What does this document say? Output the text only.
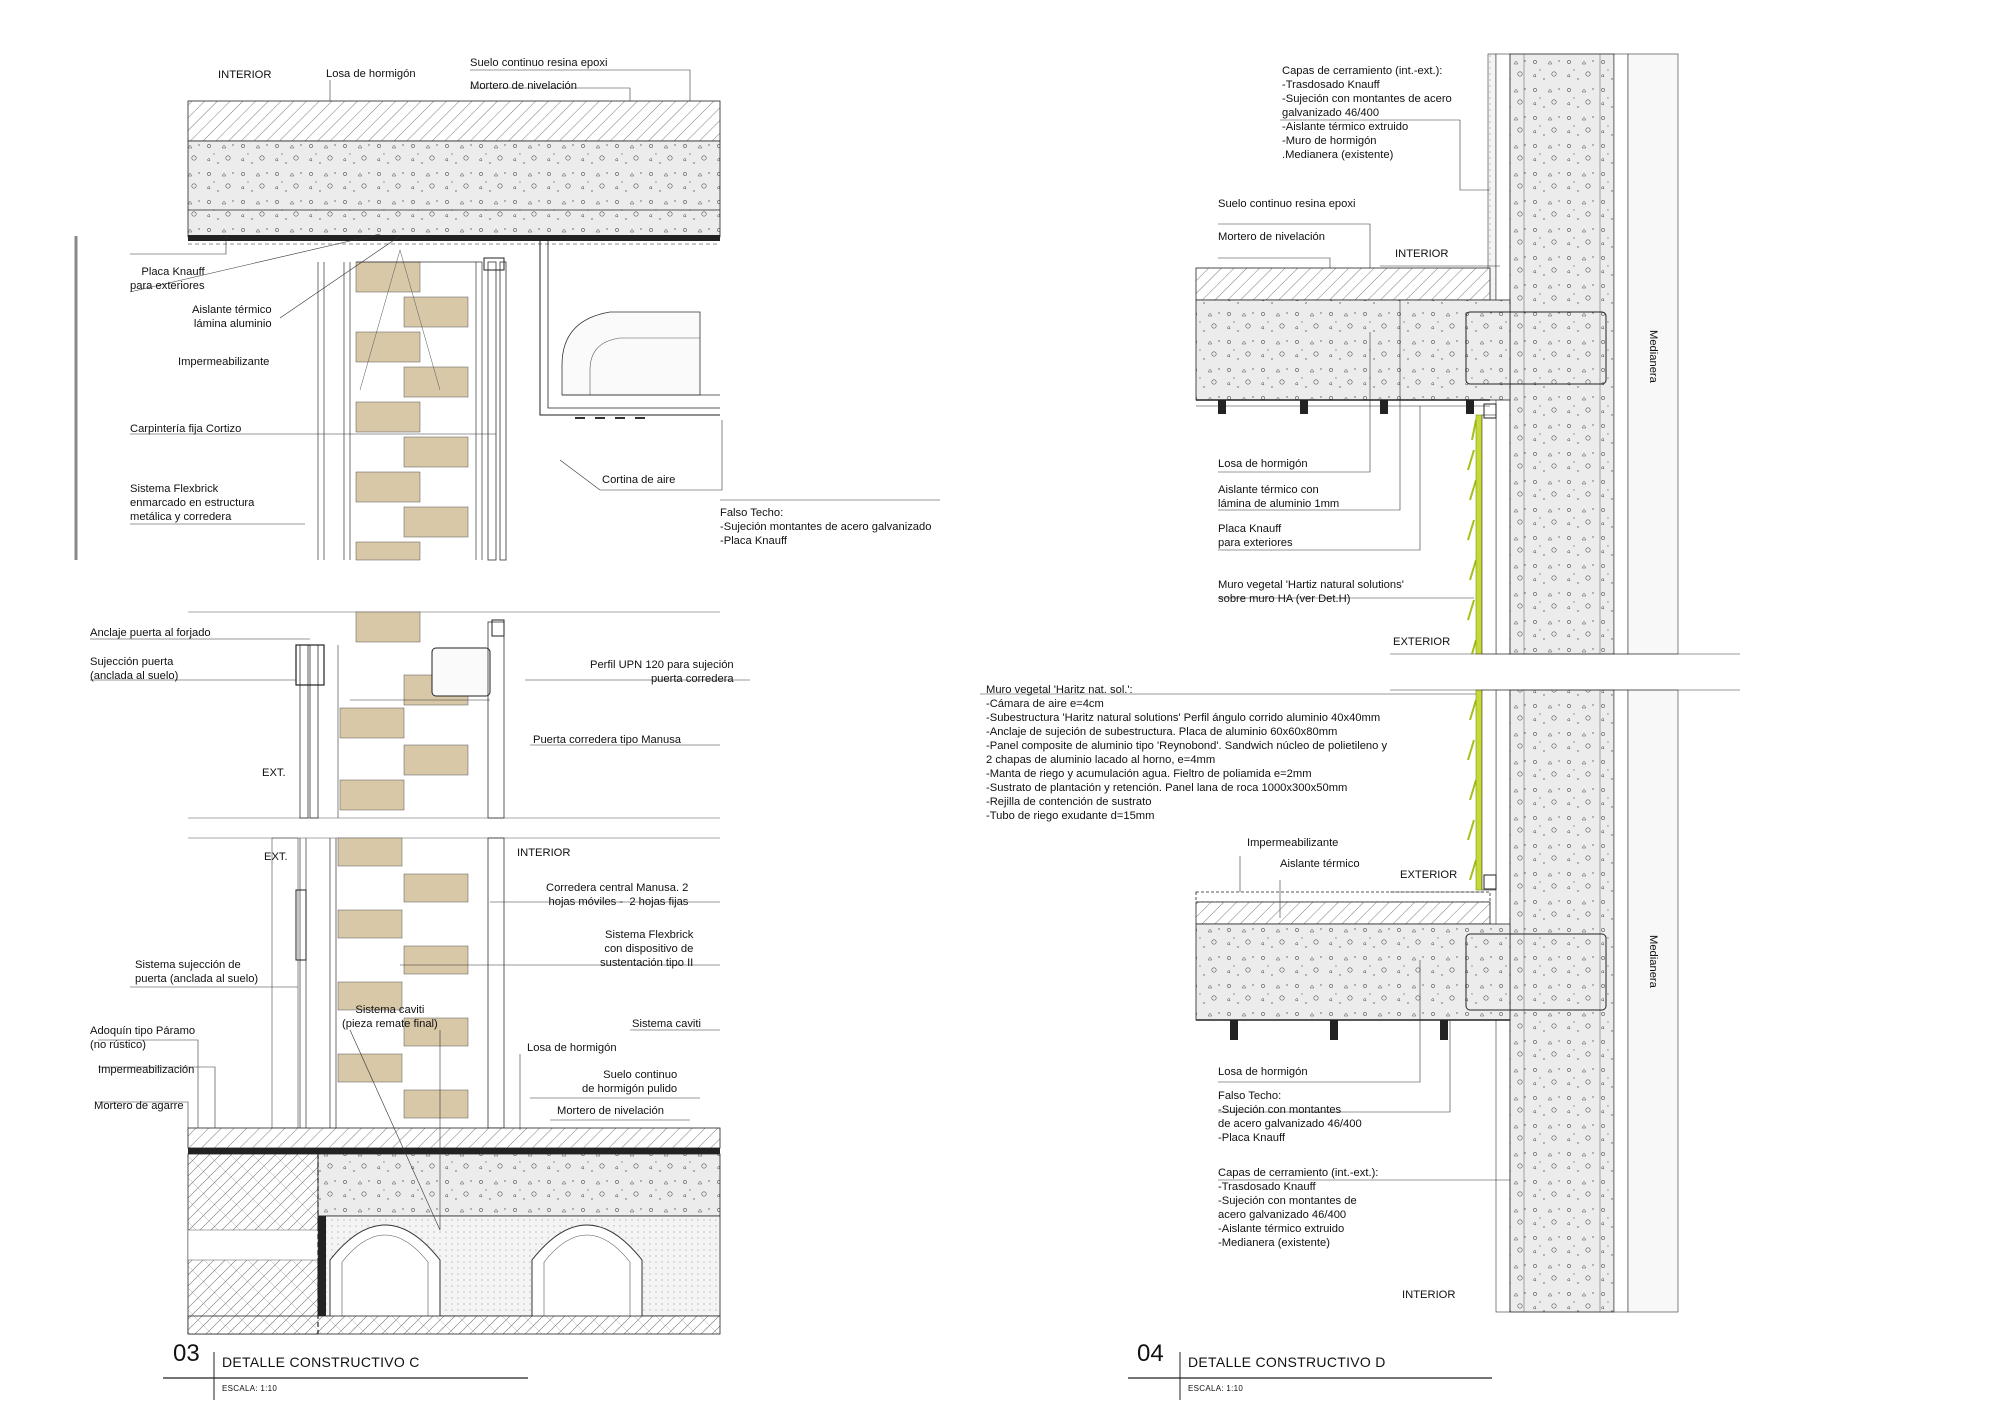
INTERIOR	Losa de hormigón
Suelo continuo resina epoxi
Mortero de nivelación
Placa Knauff
para exteriores
Aislante térmico
lámina aluminio
Impermeabilizante
Carpintería fija Cortizo
Sistema Flexbrick
enmarcado en estructura
metálica y corredera
Cortina de aire
Falso Techo:
-Sujeción montantes de acero galvanizado
-Placa Knauff
Anclaje puerta al forjado
Sujección puerta
(anclada al suelo)
Perfil UPN 120 para sujeción
puerta corredera
Puerta corredera tipo Manusa
EXT.
EXT.	INTERIOR
Corredera central Manusa. 2
hojas móviles -  2 hojas fijas
Sistema Flexbrick
con dispositivo de
sustentación tipo II
Sistema sujección de
puerta (anclada al suelo)
Sistema caviti
(pieza remate final)	Sistema caviti
Adoquín tipo Páramo
(no rústico)
Impermeabilización
Mortero de agarre
Losa de hormigón
Suelo continuo
de hormigón pulido
Mortero de nivelación
03 DETALLE CONSTRUCTIVO C
ESCALA: 1:10
Capas de cerramiento (int.-ext.):
-Trasdosado Knauff
-Sujeción con montantes de acero
galvanizado 46/400
-Aislante térmico extruido
-Muro de hormigón
.Medianera (existente)
Suelo continuo resina epoxi
Mortero de nivelación
INTERIOR
Medianera
Losa de hormigón
Aislante térmico con
lámina de aluminio 1mm
Placa Knauff
para exteriores
Muro vegetal 'Hartiz natural solutions'
sobre muro HA (ver Det.H)
EXTERIOR
Muro vegetal 'Haritz nat. sol.':
-Cámara de aire e=4cm
-Subestructura 'Haritz natural solutions' Perfil ángulo corrido aluminio 40x40mm
-Anclaje de sujeción de subestructura. Placa de aluminio 60x60x80mm
-Panel composite de aluminio tipo 'Reynobond'. Sandwich núcleo de polietileno y
2 chapas de aluminio lacado al horno, e=4mm
-Manta de riego y acumulación agua. Fieltro de poliamida e=2mm
-Sustrato de plantación y retención. Panel lana de roca 1000x300x50mm
-Rejilla de contención de sustrato
-Tubo de riego exudante d=15mm
Impermeabilizante
Aislante térmico
EXTERIOR
Medianera
Losa de hormigón
Falso Techo:
-Sujeción con montantes
de acero galvanizado 46/400
-Placa Knauff
Capas de cerramiento (int.-ext.):
-Trasdosado Knauff
-Sujeción con montantes de
acero galvanizado 46/400
-Aislante térmico extruido
-Medianera (existente)
INTERIOR
04 DETALLE CONSTRUCTIVO D
ESCALA: 1:10
